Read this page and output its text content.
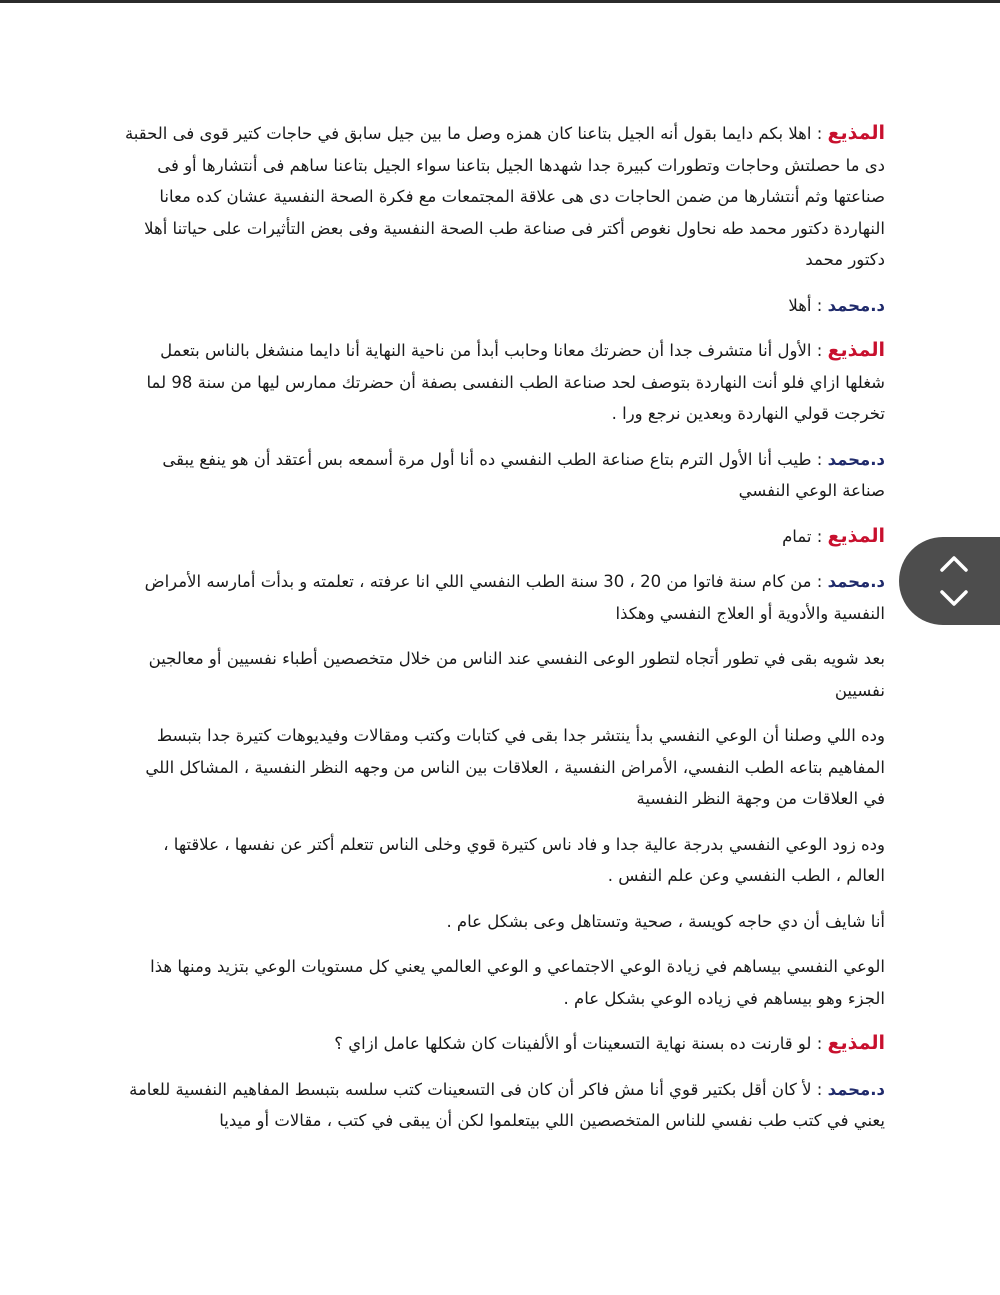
المذيع : اهلا بكم دايما بقول أنه الجيل بتاعنا كان همزه وصل ما بين جيل سابق في حاجات كتير قوى فى الحقبة دى ما حصلتش وحاجات وتطورات كبيرة جدا شهدها الجيل بتاعنا سواء الجيل بتاعنا ساهم فى أنتشارها أو فى صناعتها وثم أنتشارها من ضمن الحاجات دى هى علاقة المجتمعات مع فكرة الصحة النفسية عشان كده معانا النهاردة دكتور محمد طه نحاول نغوص أكتر فى صناعة طب الصحة النفسية وفى بعض التأثيرات على حياتنا أهلا دكتور محمد

د.محمد : أهلا

المذيع : الأول أنا متشرف جدا أن حضرتك معانا وحابب أبدأ من ناحية النهاية أنا دايما منشغل بالناس بتعمل شغلها ازاي فلو أنت النهاردة بتوصف لحد صناعة الطب النفسى بصفة أن حضرتك ممارس ليها من سنة 98 لما تخرجت قولي النهاردة وبعدين نرجع ورا .

د.محمد : طيب أنا الأول الترم بتاع صناعة الطب النفسي ده أنا أول مرة أسمعه بس أعتقد أن هو ينفع يبقى صناعة الوعي النفسي

المذيع : تمام

د.محمد : من كام سنة فاتوا من 20 ، 30 سنة الطب النفسي اللي انا عرفته ، تعلمته و بدأت أمارسه الأمراض النفسية والأدوية أو العلاج النفسي وهكذا

بعد شويه بقى في تطور أتجاه لتطور الوعى النفسي عند الناس من خلال متخصصين أطباء نفسيين أو معالجين نفسيين

وده اللي وصلنا أن الوعي النفسي بدأ ينتشر جدا بقى في كتابات وكتب ومقالات وفيديوهات كتيرة جدا بتبسط المفاهيم بتاعه الطب النفسي، الأمراض النفسية ، العلاقات بين الناس من وجهه النظر النفسية ، المشاكل اللي في العلاقات من وجهة النظر النفسية

وده زود الوعي النفسي بدرجة عالية جدا و فاد ناس كتيرة قوي وخلى الناس تتعلم أكتر عن نفسها ، علاقتها ، العالم ، الطب النفسي وعن علم النفس .

أنا شايف أن دي حاجه كويسة ، صحية وتستاهل وعى بشكل عام .

الوعي النفسي بيساهم في زيادة الوعي الاجتماعي و الوعي العالمي يعني كل مستويات الوعي بتزيد ومنها هذا الجزء وهو بيساهم في زياده الوعي بشكل عام .

المذيع : لو قارنت ده بسنة نهاية التسعينات أو الألفينات كان شكلها عامل ازاي ؟

د.محمد : لأ كان أقل بكتير قوي أنا مش فاكر أن كان فى التسعينات كتب سلسه بتبسط المفاهيم النفسية للعامة يعني في كتب طب نفسي للناس المتخصصين اللي بيتعلموا لكن أن يبقى في كتب ، مقالات أو ميديا
